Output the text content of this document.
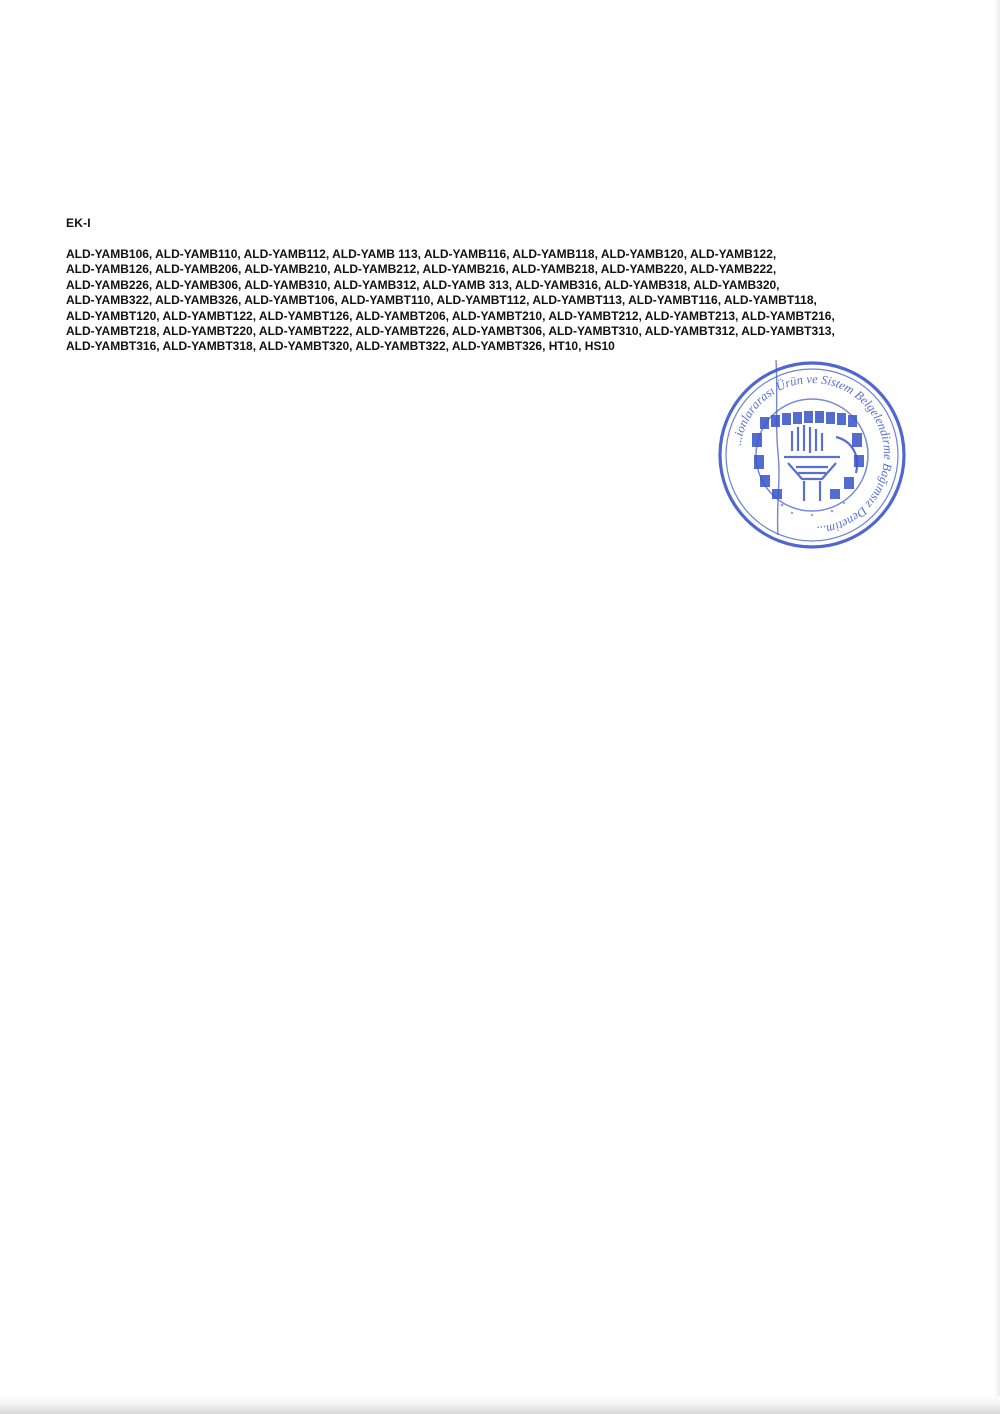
EK-I
ALD-YAMB106, ALD-YAMB110, ALD-YAMB112, ALD-YAMB 113, ALD-YAMB116, ALD-YAMB118, ALD-YAMB120, ALD-YAMB122,
ALD-YAMB126, ALD-YAMB206, ALD-YAMB210, ALD-YAMB212, ALD-YAMB216, ALD-YAMB218, ALD-YAMB220, ALD-YAMB222,
ALD-YAMB226, ALD-YAMB306, ALD-YAMB310, ALD-YAMB312, ALD-YAMB 313, ALD-YAMB316, ALD-YAMB318, ALD-YAMB320,
ALD-YAMB322, ALD-YAMB326, ALD-YAMBT106, ALD-YAMBT110, ALD-YAMBT112, ALD-YAMBT113, ALD-YAMBT116, ALD-YAMBT118,
ALD-YAMBT120, ALD-YAMBT122, ALD-YAMBT126, ALD-YAMBT206, ALD-YAMBT210, ALD-YAMBT212, ALD-YAMBT213, ALD-YAMBT216,
ALD-YAMBT218, ALD-YAMBT220, ALD-YAMBT222, ALD-YAMBT226, ALD-YAMBT306, ALD-YAMBT310, ALD-YAMBT312, ALD-YAMBT313,
ALD-YAMBT316, ALD-YAMBT318, ALD-YAMBT320, ALD-YAMBT322, ALD-YAMBT326, HT10, HS10
...ionlararası Ürün ve Sistem Belgelendirme Bağımsız Denetim...
